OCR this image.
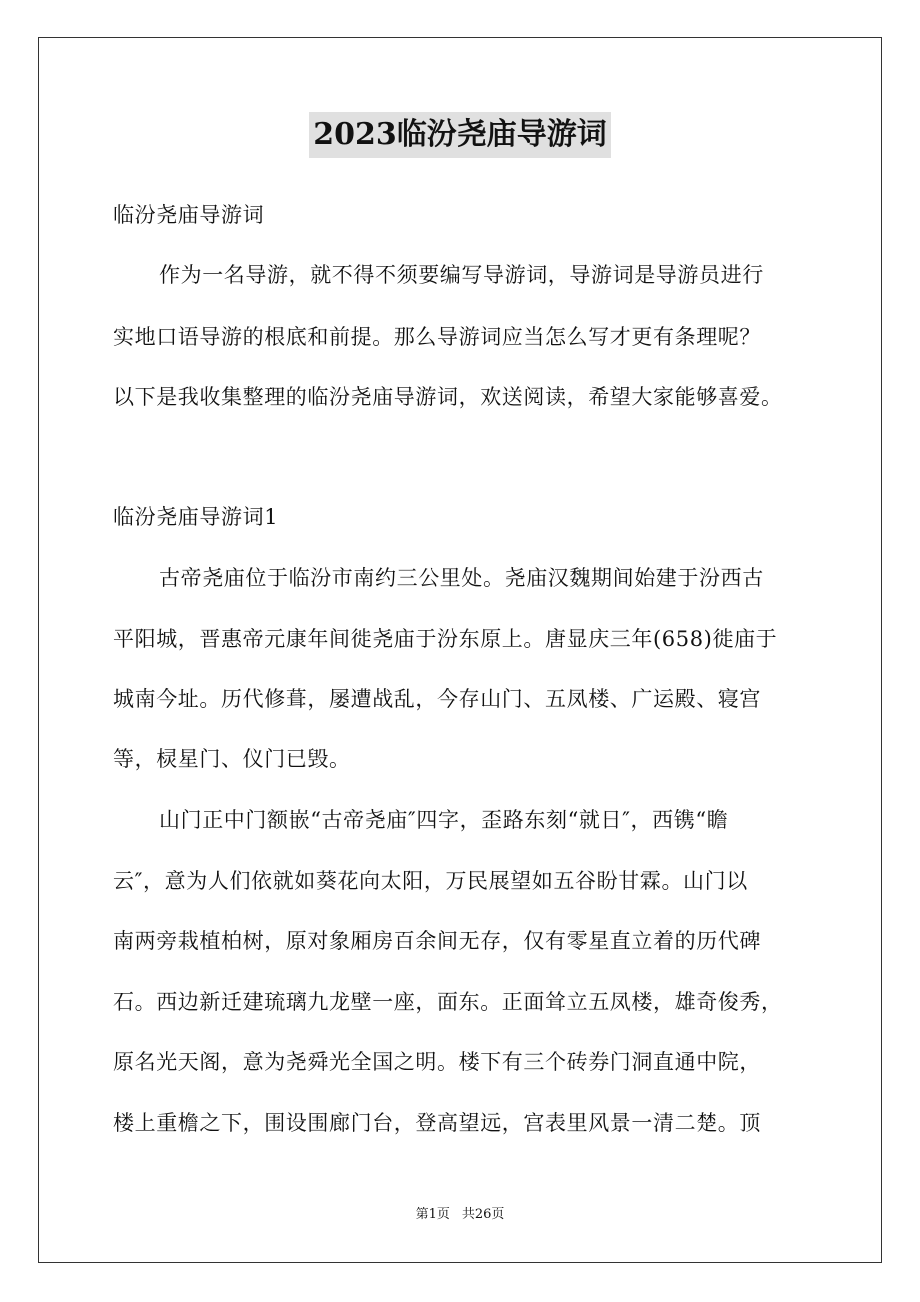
2023临汾尧庙导游词

临汾尧庙导游词

作为一名导游，就不得不须要编写导游词，导游词是导游员进行

实地口语导游的根底和前提。那么导游词应当怎么写才更有条理呢？

以下是我收集整理的临汾尧庙导游词，欢送阅读，希望大家能够喜爱。

临汾尧庙导游词1

古帝尧庙位于临汾市南约三公里处。尧庙汉魏期间始建于汾西古

平阳城，晋惠帝元康年间徙尧庙于汾东原上。唐显庆三年(658)徙庙于

城南今址。历代修葺，屡遭战乱，今存山门、五凤楼、广运殿、寝宫

等，棂星门、仪门已毁。

山门正中门额嵌“古帝尧庙″四字，歪路东刻“就日″，西镌“瞻

云″，意为人们依就如葵花向太阳，万民展望如五谷盼甘霖。山门以

南两旁栽植柏树，原对象厢房百余间无存，仅有零星直立着的历代碑

石。西边新迁建琉璃九龙壁一座，面东。正面耸立五凤楼，雄奇俊秀，

原名光天阁，意为尧舜光全国之明。楼下有三个砖券门洞直通中院，

楼上重檐之下，围设围廊门台，登高望远，宫表里风景一清二楚。顶

第1页 共26页
